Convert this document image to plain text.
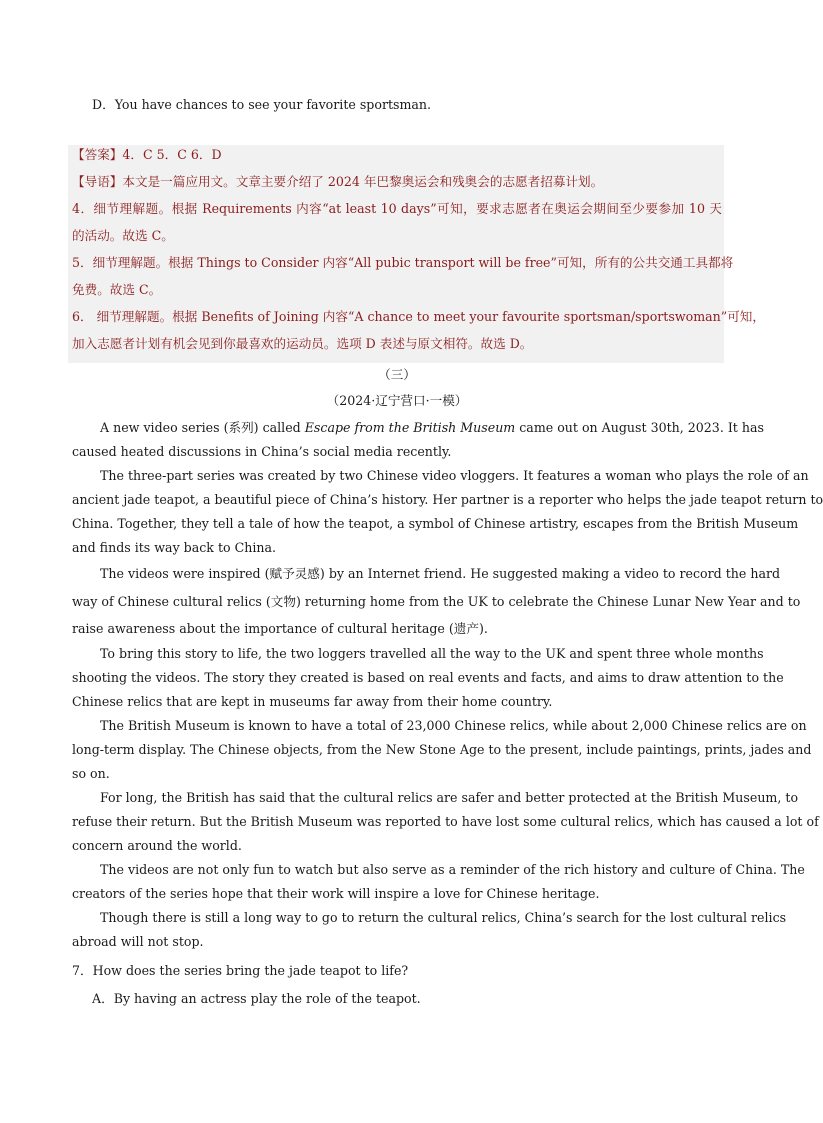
D．You have chances to see your favorite sportsman.
【答案】4．C 5．C 6．D
【导语】本文是一篇应用文。文章主要介绍了 2024 年巴黎奥运会和残奥会的志愿者招募计划。
4．细节理解题。根据 Requirements 内容“at least 10 days”可知，要求志愿者在奥运会期间至少要参加 10 天
的活动。故选 C。
5．细节理解题。根据 Things to Consider 内容“All pubic transport will be free”可知，所有的公共交通工具都将
免费。故选 C。
6． 细节理解题。根据 Benefits of Joining 内容“A chance to meet your favourite sportsman/sportswoman”可知，
加入志愿者计划有机会见到你最喜欢的运动员。选项 D 表述与原文相符。故选 D。
（三）
（2024·辽宁营口·一模）
A new video series (系列) called Escape from the British Museum came out on August 30th, 2023. It has
caused heated discussions in China’s social media recently.
The three-part series was created by two Chinese video vloggers. It features a woman who plays the role of an
ancient jade teapot, a beautiful piece of China’s history. Her partner is a reporter who helps the jade teapot return to
China. Together, they tell a tale of how the teapot, a symbol of Chinese artistry, escapes from the British Museum
and finds its way back to China.
The videos were inspired (赋予灵感) by an Internet friend. He suggested making a video to record the hard
way of Chinese cultural relics (文物) returning home from the UK to celebrate the Chinese Lunar New Year and to
raise awareness about the importance of cultural heritage (遗产).
To bring this story to life, the two loggers travelled all the way to the UK and spent three whole months
shooting the videos. The story they created is based on real events and facts, and aims to draw attention to the
Chinese relics that are kept in museums far away from their home country.
The British Museum is known to have a total of 23,000 Chinese relics, while about 2,000 Chinese relics are on
long-term display. The Chinese objects, from the New Stone Age to the present, include paintings, prints, jades and
so on.
For long, the British has said that the cultural relics are safer and better protected at the British Museum, to
refuse their return. But the British Museum was reported to have lost some cultural relics, which has caused a lot of
concern around the world.
The videos are not only fun to watch but also serve as a reminder of the rich history and culture of China. The
creators of the series hope that their work will inspire a love for Chinese heritage.
Though there is still a long way to go to return the cultural relics, China’s search for the lost cultural relics
abroad will not stop.
7．How does the series bring the jade teapot to life?
A．By having an actress play the role of the teapot.
